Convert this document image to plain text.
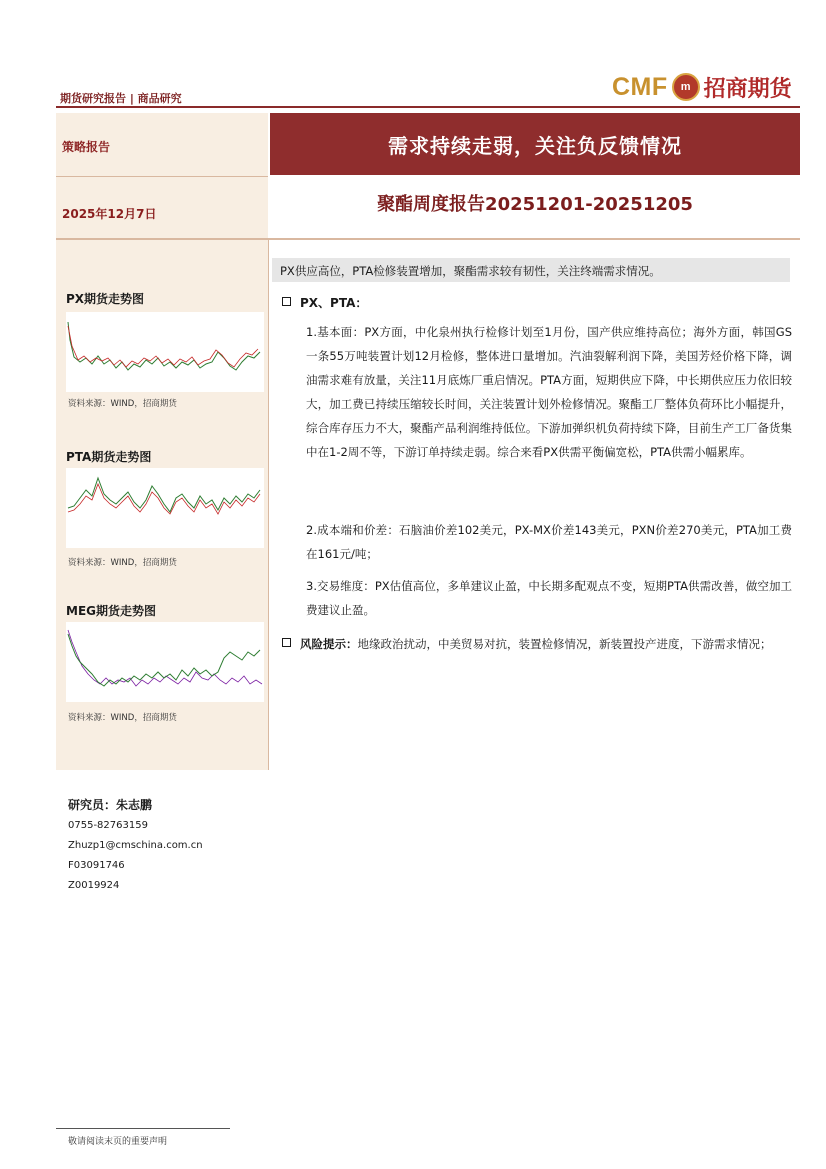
期货研究报告 | 商品研究	CMF	m 招商期货
策略报告
2025年12月7日
需求持续走弱，关注负反馈情况
聚酯周度报告20251201-20251205
PX期货走势图
资料来源：WIND，招商期货
PTA期货走势图
资料来源：WIND，招商期货
MEG期货走势图
资料来源：WIND，招商期货
研究员：朱志鹏
0755-82763159
Zhuzp1@cmschina.com.cn
F03091746
Z0019924
PX供应高位，PTA检修装置增加，聚酯需求较有韧性，关注终端需求情况。
PX、PTA：
1.基本面：PX方面，中化泉州执行检修计划至1月份，国产供应维持高位；海外方面，韩国GS一条55万吨装置计划12月检修，整体进口量增加。汽油裂解利润下降，美国芳烃价格下降，调油需求难有放量，关注11月底炼厂重启情况。PTA方面，短期供应下降，中长期供应压力依旧较大，加工费已持续压缩较长时间，关注装置计划外检修情况。聚酯工厂整体负荷环比小幅提升，综合库存压力不大，聚酯产品利润维持低位。下游加弹织机负荷持续下降，目前生产工厂备货集中在1-2周不等，下游订单持续走弱。综合来看PX供需平衡偏宽松，PTA供需小幅累库。
2.成本端和价差：石脑油价差102美元，PX-MX价差143美元，PXN价差270美元，PTA加工费在161元/吨；
3.交易维度：PX估值高位，多单建议止盈，中长期多配观点不变，短期PTA供需改善，做空加工费建议止盈。
风险提示：地缘政治扰动，中美贸易对抗，装置检修情况，新装置投产进度，下游需求情况；
敬请阅读末页的重要声明
